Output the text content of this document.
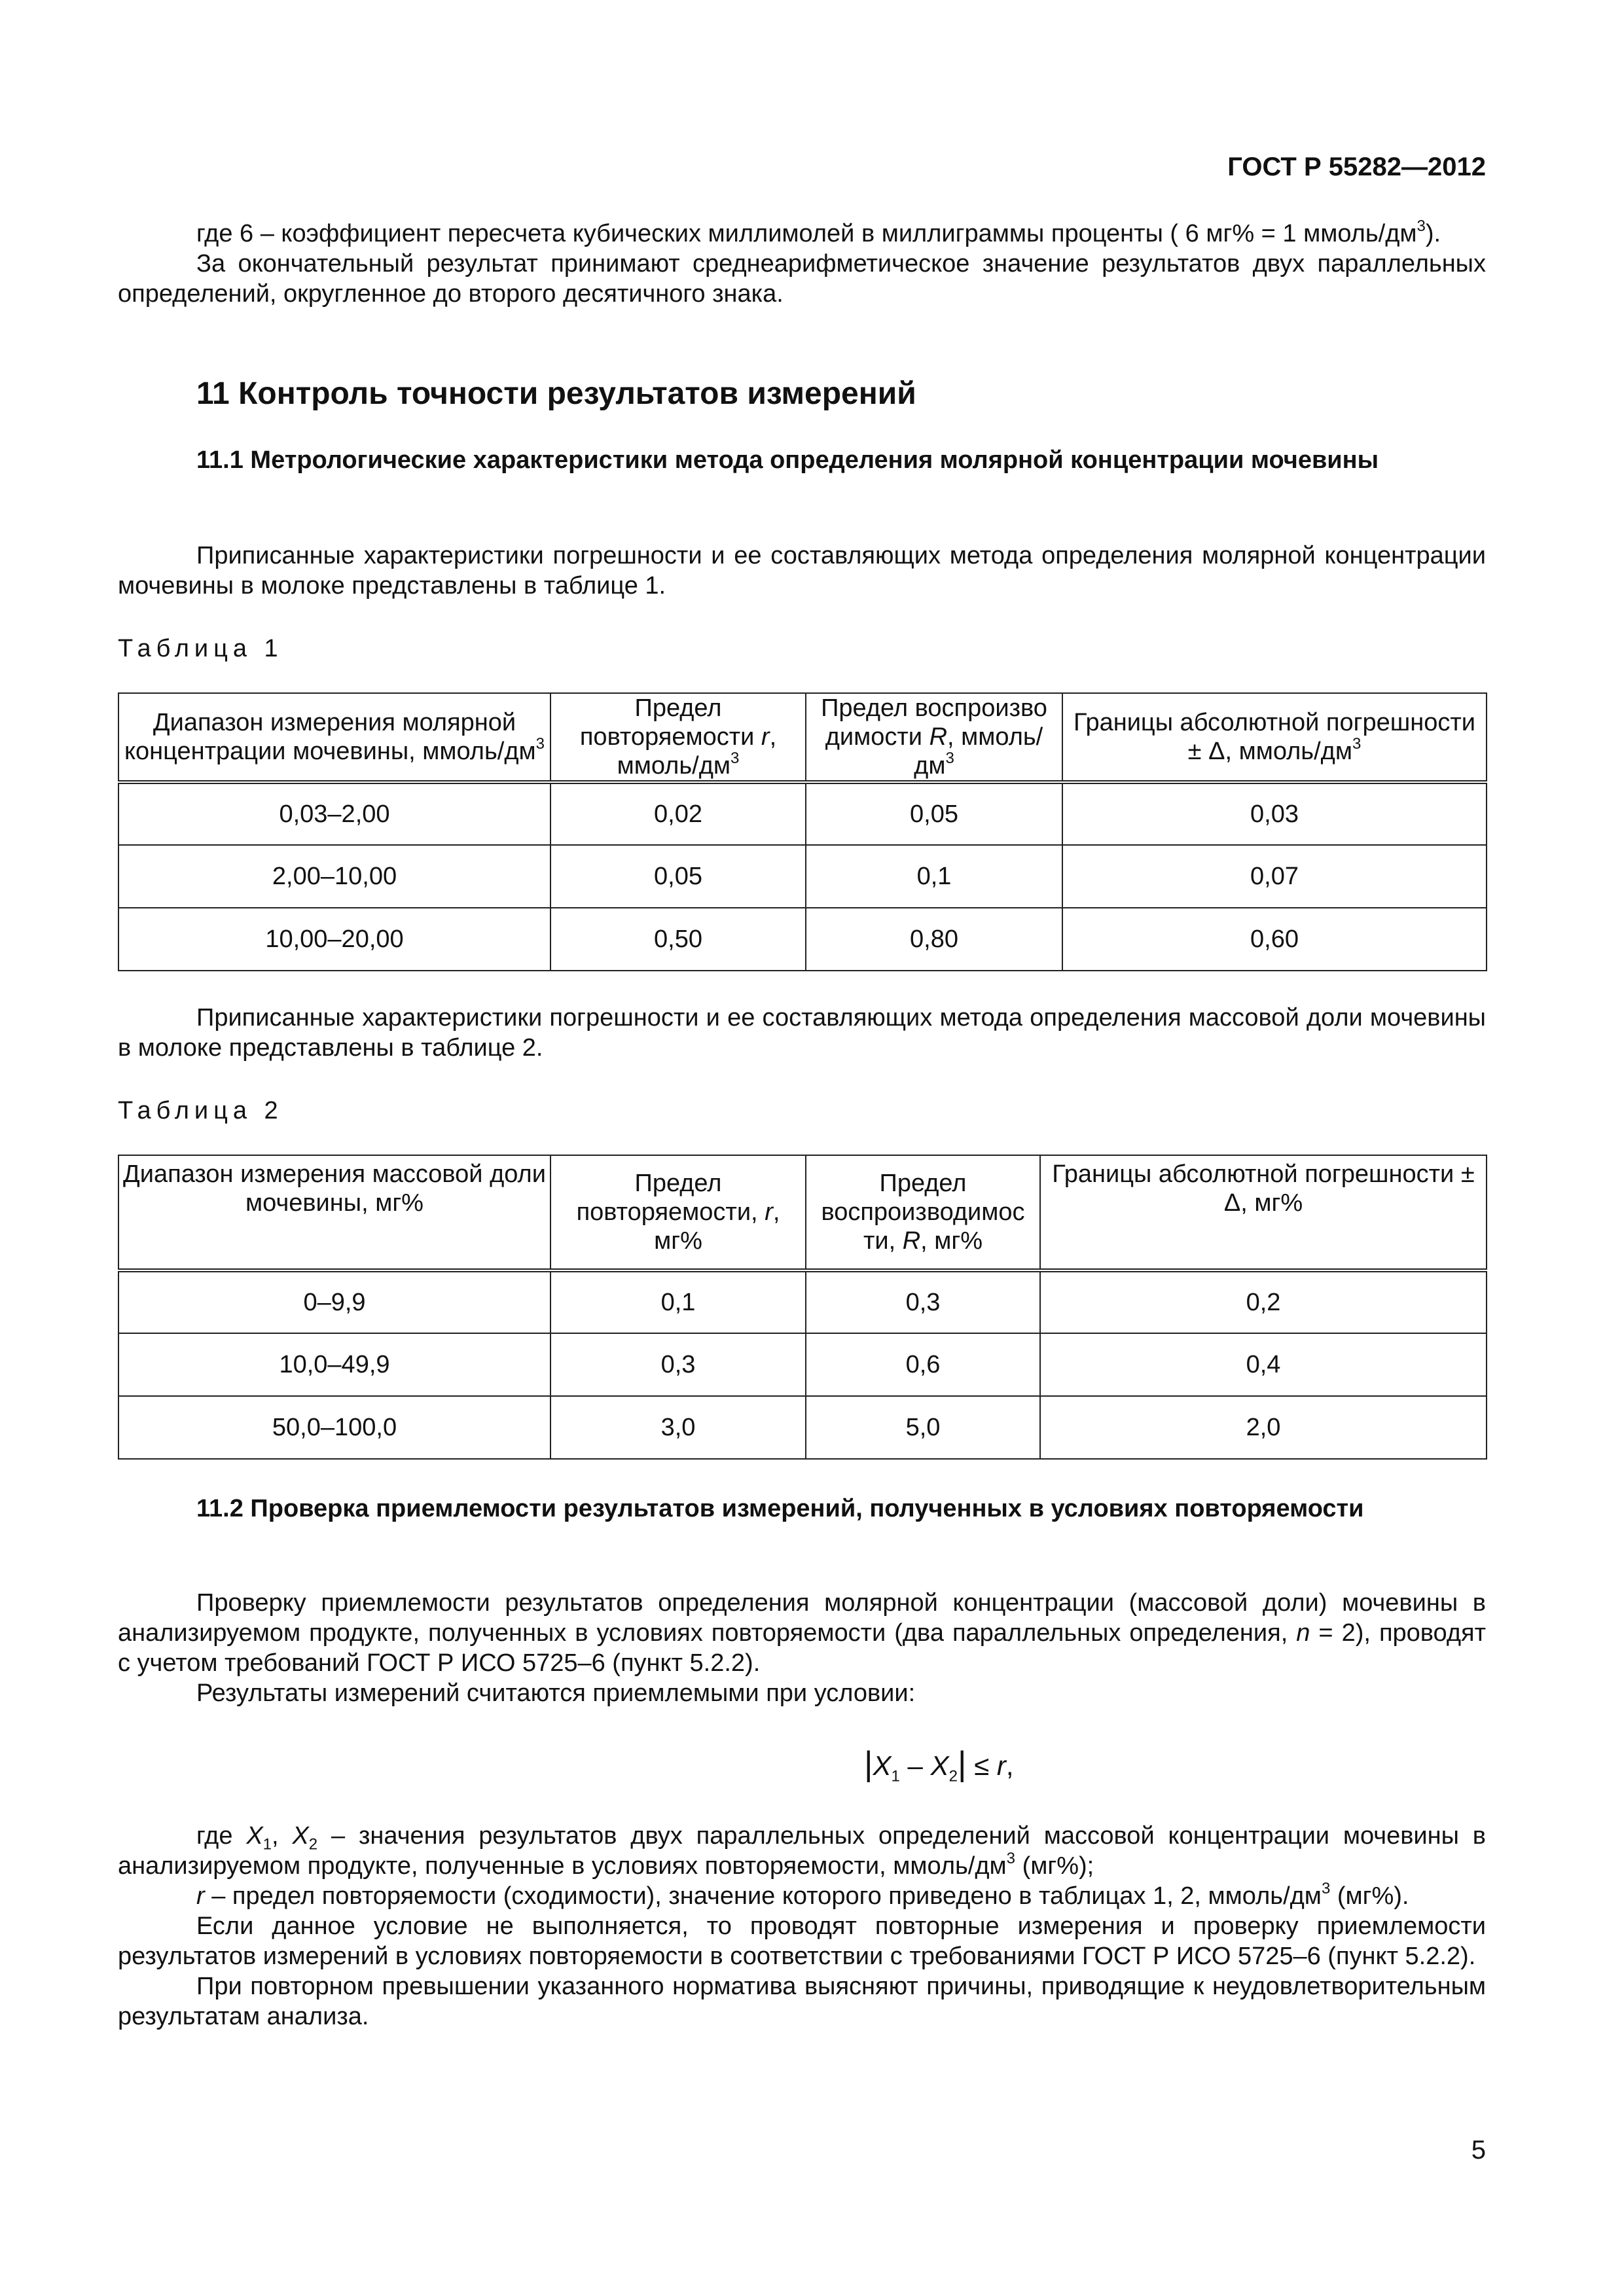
ГОСТ Р 55282—2012

где 6 – коэффициент пересчета кубических миллимолей в миллиграммы проценты ( 6 мг% = 1 ммоль/$дм^3$).

За окончательный результат принимают среднеарифметическое значение результатов двух параллельных определений, округленное до второго десятичного знака.

11 Контроль точности результатов измерений

11.1 Метрологические характеристики метода определения молярной концентрации мочевины

Приписанные характеристики погрешности и ее составляющих метода определения молярной концентрации мочевины в молоке представлены в таблице 1.

Таблица 1
Диапазон измерения молярной концентрации мочевины, ммоль/$дм^3$	Предел повторяемости r, ммоль/$дм^3$	Предел воспроизво димости R, ммоль/$дм^3$	Границы абсолютной погрешности ± Δ, ммоль/$дм^3$
0,03–2,00	0,02	0,05	0,03
2,00–10,00	0,05	0,1	0,07
10,00–20,00	0,50	0,80	0,60

Приписанные характеристики погрешности и ее составляющих метода определения массовой доли мочевины в молоке представлены в таблице 2.

Таблица 2
Диапазон измерения массовой доли мочевины, мг%	Предел повторяемости, r, мг%	Предел воспроизводимос ти, R, мг%	Границы абсолютной погрешности ± Δ, мг%
0–9,9	0,1	0,3	0,2
10,0–49,9	0,3	0,6	0,4
50,0–100,0	3,0	5,0	2,0

11.2 Проверка приемлемости результатов измерений, полученных в условиях повторяемости

Проверку приемлемости результатов определения молярной концентрации (массовой доли) мочевины в анализируемом продукте, полученных в условиях повторяемости (два параллельных определения, n = 2), проводят с учетом требований ГОСТ Р ИСО 5725–6 (пункт 5.2.2).

Результаты измерений считаются приемлемыми при условии:

$|X_1 - X_2| \le r$,

где $X_1$, $X_2$ – значения результатов двух параллельных определений массовой концентрации мочевины в анализируемом продукте, полученные в условиях повторяемости, ммоль/$дм^3$ (мг%);

r – предел повторяемости (сходимости), значение которого приведено в таблицах 1, 2, ммоль/$дм^3$ (мг%).

Если данное условие не выполняется, то проводят повторные измерения и проверку приемлемости результатов измерений в условиях повторяемости в соответствии с требованиями ГОСТ Р ИСО 5725–6 (пункт 5.2.2).

При повторном превышении указанного норматива выясняют причины, приводящие к неудовлетворительным результатам анализа.

5
